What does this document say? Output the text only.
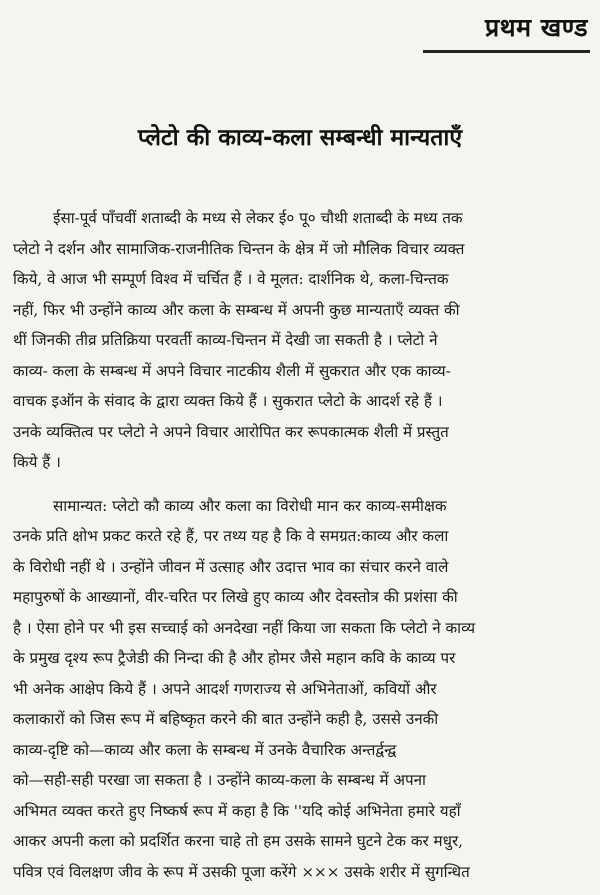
प्रथम खण्ड
प्लेटो की काव्य-कला सम्बन्धी मान्यताएँ
ईसा-पूर्व पाँचवीं शताब्दी के मध्य से लेकर ई० पू० चौथी शताब्दी के मध्य तक
प्लेटो ने दर्शन और सामाजिक-राजनीतिक चिन्तन के क्षेत्र में जो मौलिक विचार व्यक्त
किये, वे आज भी सम्पूर्ण विश्व में चर्चित हैं । वे मूलत: दार्शनिक थे, कला-चिन्तक
नहीं, फिर भी उन्होंने काव्य और कला के सम्बन्ध में अपनी कुछ मान्यताएँ व्यक्त की
थीं जिनकी तीव्र प्रतिक्रिया परवर्ती काव्य-चिन्तन में देखी जा सकती है । प्लेटो ने
काव्य- कला के सम्बन्ध में अपने विचार नाटकीय शैली में सुकरात और एक काव्य-
वाचक इऑन के संवाद के द्वारा व्यक्त किये हैं । सुकरात प्लेटो के आदर्श रहे हैं ।
उनके व्यक्तित्व पर प्लेटो ने अपने विचार आरोपित कर रूपकात्मक शैली में प्रस्तुत
किये हैं ।
सामान्यत: प्लेटो कौ काव्य और कला का विरोधी मान कर काव्य-समीक्षक
उनके प्रति क्षोभ प्रकट करते रहे हैं, पर तथ्य यह है कि वे समग्रत:काव्य और कला
के विरोधी नहीं थे । उन्होंने जीवन में उत्साह और उदात्त भाव का संचार करने वाले
महापुरुषों के आख्यानों, वीर-चरित पर लिखे हुए काव्य और देवस्तोत्र की प्रशंसा की
है । ऐसा होने पर भी इस सच्चाई को अनदेखा नहीं किया जा सकता कि प्लेटो ने काव्य
के प्रमुख दृश्य रूप ट्रैजेडी की निन्दा की है और होमर जैसे महान कवि के काव्य पर
भी अनेक आक्षेप किये हैं । अपने आदर्श गणराज्य से अभिनेताओं, कवियों और
कलाकारों को जिस रूप में बहिष्कृत करने की बात उन्होंने कही है, उससे उनकी
काव्य-दृष्टि को—काव्य और कला के सम्बन्ध में उनके वैचारिक अन्तर्द्वन्द्व
को—सही-सही परखा जा सकता है । उन्होंने काव्य-कला के सम्बन्ध में अपना
अभिमत व्यक्त करते हुए निष्कर्ष रूप में कहा है कि ''यदि कोई अभिनेता हमारे यहाँ
आकर अपनी कला को प्रदर्शित करना चाहे तो हम उसके सामने घुटने टेक कर मधुर,
पवित्र एवं विलक्षण जीव के रूप में उसकी पूजा करेंगे ××× उसके शरीर में सुगन्धित
